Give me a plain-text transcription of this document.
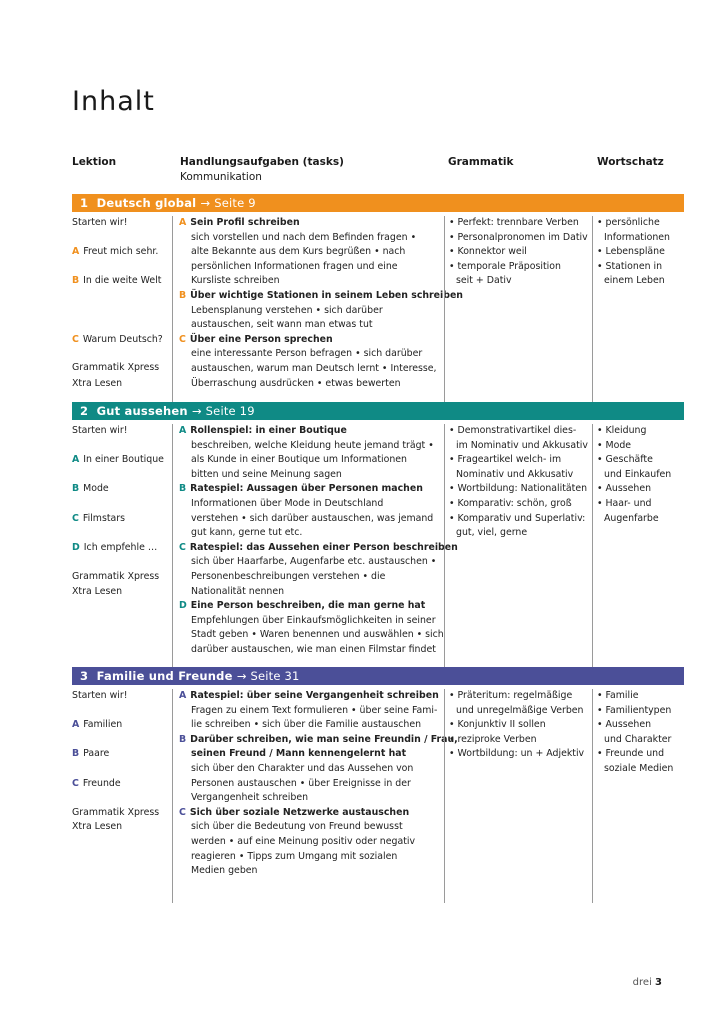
Inhalt
Lektion	Handlungsaufgaben (tasks)
Kommunikation
Grammatik	Wortschatz
1 Deutsch global → Seite 9
Starten wir!
A Freut mich sehr.
B In die weite Welt
C Warum Deutsch?
Grammatik Xpress
Xtra Lesen
A Sein Profil schreiben
sich vorstellen und nach dem Befinden fragen •
alte Bekannte aus dem Kurs begrüßen • nach
persönlichen Informationen fragen und eine
Kursliste schreiben
B Über wichtige Stationen in seinem Leben schreiben
Lebensplanung verstehen • sich darüber
austauschen, seit wann man etwas tut
C Über eine Person sprechen
eine interessante Person befragen • sich darüber
austauschen, warum man Deutsch lernt • Interesse,
Überraschung ausdrücken • etwas bewerten
• Perfekt: trennbare Verben
• Personalpronomen im Dativ
• Konnektor weil
• temporale Präposition
seit + Dativ
• persönliche
Informationen
• Lebenspläne
• Stationen in
einem Leben
2 Gut aussehen → Seite 19
Starten wir!
A In einer Boutique
B Mode
C Filmstars
D Ich empfehle …
Grammatik Xpress
Xtra Lesen
A Rollenspiel: in einer Boutique
beschreiben, welche Kleidung heute jemand trägt •
als Kunde in einer Boutique um Informationen
bitten und seine Meinung sagen
B Ratespiel: Aussagen über Personen machen
Informationen über Mode in Deutschland
verstehen • sich darüber austauschen, was jemand
gut kann, gerne tut etc.
C Ratespiel: das Aussehen einer Person beschreiben
sich über Haarfarbe, Augenfarbe etc. austauschen •
Personenbeschreibungen verstehen • die
Nationalität nennen
D Eine Person beschreiben, die man gerne hat
Empfehlungen über Einkaufsmöglichkeiten in seiner
Stadt geben • Waren benennen und auswählen • sich
darüber austauschen, wie man einen Filmstar findet
• Demonstrativartikel dies-
im Nominativ und Akkusativ
• Frageartikel welch- im
Nominativ und Akkusativ
• Wortbildung: Nationalitäten
• Komparativ: schön, groß
• Komparativ und Superlativ:
gut, viel, gerne
• Kleidung
• Mode
• Geschäfte
und Einkaufen
• Aussehen
• Haar- und
Augenfarbe
3 Familie und Freunde → Seite 31
Starten wir!
A Familien
B Paare
C Freunde
Grammatik Xpress
Xtra Lesen
A Ratespiel: über seine Vergangenheit schreiben
Fragen zu einem Text formulieren • über seine Fami-
lie schreiben • sich über die Familie austauschen
B Darüber schreiben, wie man seine Freundin / Frau,
seinen Freund / Mann kennengelernt hat
sich über den Charakter und das Aussehen von
Personen austauschen • über Ereignisse in der
Vergangenheit schreiben
C Sich über soziale Netzwerke austauschen
sich über die Bedeutung von Freund bewusst
werden • auf eine Meinung positiv oder negativ
reagieren • Tipps zum Umgang mit sozialen
Medien geben
• Präteritum: regelmäßige
und unregelmäßige Verben
• Konjunktiv II sollen
• reziproke Verben
• Wortbildung: un + Adjektiv
• Familie
• Familientypen
• Aussehen
und Charakter
• Freunde und
soziale Medien
drei 3
